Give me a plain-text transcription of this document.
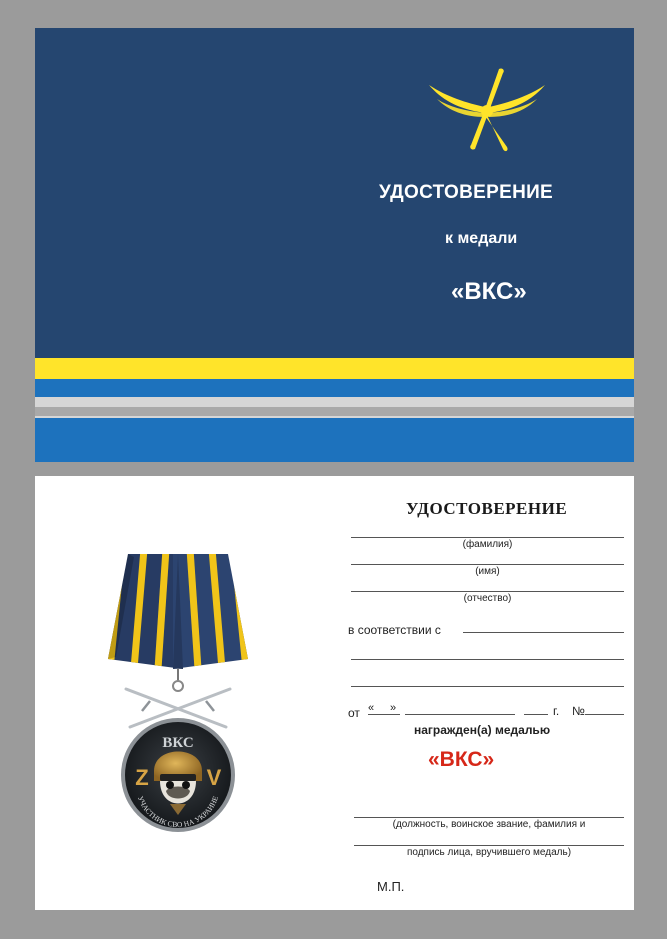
УДОСТОВЕРЕНИЕ
к медали
«ВКС»
УДОСТОВЕРЕНИЕ
(фамилия)
(имя)
(отчество)
в соответствии с
от « »	г. №
награжден(а) медалью
«ВКС»
(должность, воинское звание, фамилия и
подпись лица, вручившего медаль)
М.П.
ВКС
Z	V
УЧАСТНИК СВО НА УКРАИНЕ
